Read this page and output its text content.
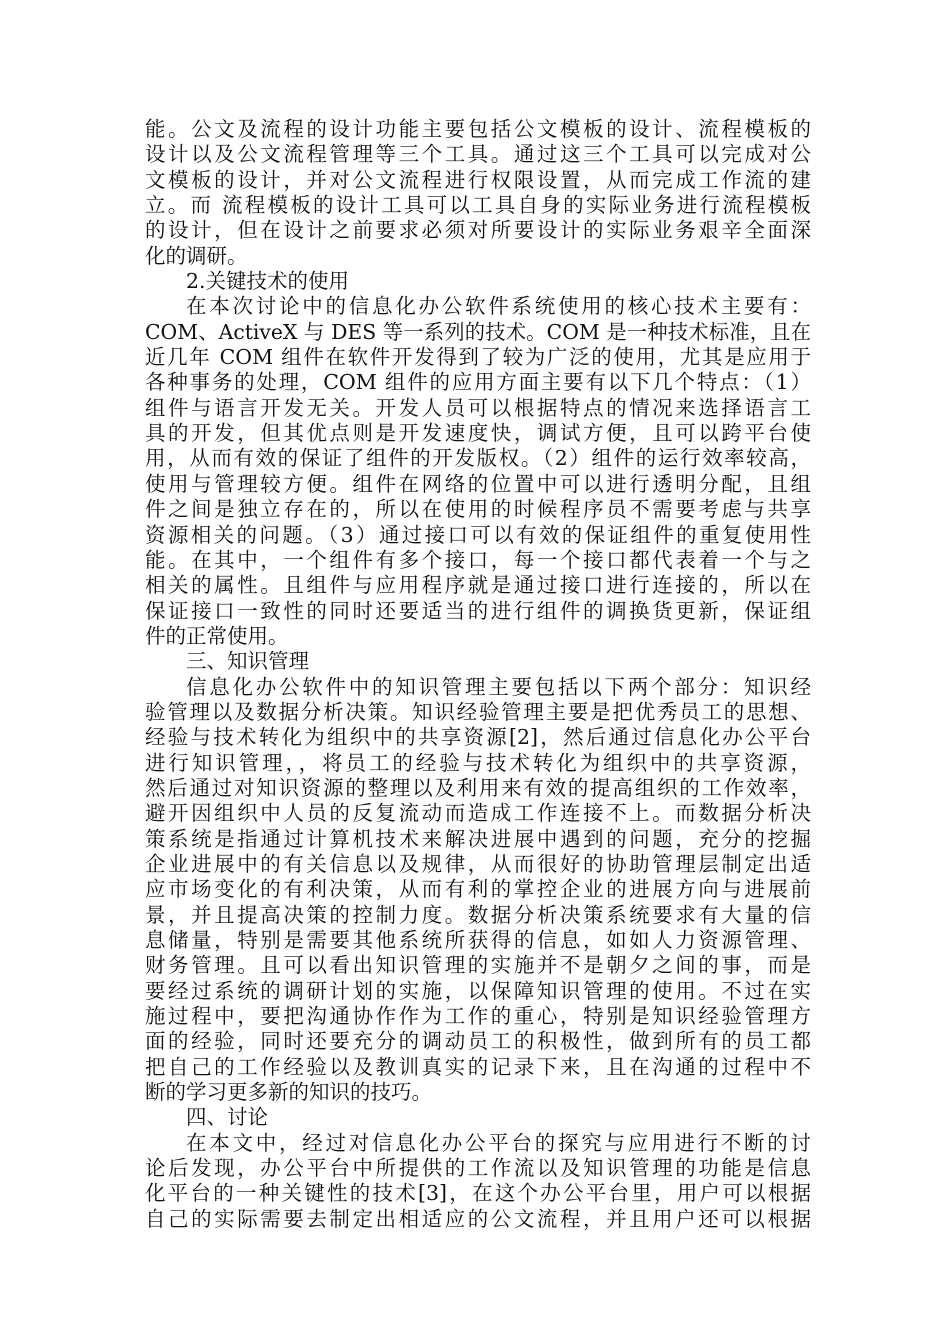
能。公文及流程的设计功能主要包括公文模板的设计、流程模板的
设计以及公文流程管理等三个工具。通过这三个工具可以完成对公
文模板的设计，并对公文流程进行权限设置，从而完成工作流的建
立。而 流程模板的设计工具可以工具自身的实际业务进行流程模板
的设计，但在设计之前要求必须对所要设计的实际业务艰辛全面深
化的调研。
2.关键技术的使用
在本次讨论中的信息化办公软件系统使用的核心技术主要有：
COM、ActiveX 与 DES 等一系列的技术。COM 是一种技术标准，且在
近几年 COM 组件在软件开发得到了较为广泛的使用，尤其是应用于
各种事务的处理，COM 组件的应用方面主要有以下几个特点：（1）
组件与语言开发无关。开发人员可以根据特点的情况来选择语言工
具的开发，但其优点则是开发速度快，调试方便，且可以跨平台使
用，从而有效的保证了组件的开发版权。（2）组件的运行效率较高，
使用与管理较方便。组件在网络的位置中可以进行透明分配，且组
件之间是独立存在的，所以在使用的时候程序员不需要考虑与共享
资源相关的问题。（3）通过接口可以有效的保证组件的重复使用性
能。在其中，一个组件有多个接口，每一个接口都代表着一个与之
相关的属性。且组件与应用程序就是通过接口进行连接的，所以在
保证接口一致性的同时还要适当的进行组件的调换货更新，保证组
件的正常使用。
三、知识管理
信息化办公软件中的知识管理主要包括以下两个部分：知识经
验管理以及数据分析决策。知识经验管理主要是把优秀员工的思想、
经验与技术转化为组织中的共享资源[2]，然后通过信息化办公平台
进行知识管理，，将员工的经验与技术转化为组织中的共享资源，
然后通过对知识资源的整理以及利用来有效的提高组织的工作效率，
避开因组织中人员的反复流动而造成工作连接不上。而数据分析决
策系统是指通过计算机技术来解决进展中遇到的问题，充分的挖掘
企业进展中的有关信息以及规律，从而很好的协助管理层制定出适
应市场变化的有利决策，从而有利的掌控企业的进展方向与进展前
景，并且提高决策的控制力度。数据分析决策系统要求有大量的信
息储量，特别是需要其他系统所获得的信息，如如人力资源管理、
财务管理。且可以看出知识管理的实施并不是朝夕之间的事，而是
要经过系统的调研计划的实施，以保障知识管理的使用。不过在实
施过程中，要把沟通协作作为工作的重心，特别是知识经验管理方
面的经验，同时还要充分的调动员工的积极性，做到所有的员工都
把自己的工作经验以及教训真实的记录下来，且在沟通的过程中不
断的学习更多新的知识的技巧。
四、讨论
在本文中，经过对信息化办公平台的探究与应用进行不断的讨
论后发现，办公平台中所提供的工作流以及知识管理的功能是信息
化平台的一种关键性的技术[3]，在这个办公平台里，用户可以根据
自己的实际需要去制定出相适应的公文流程，并且用户还可以根据
